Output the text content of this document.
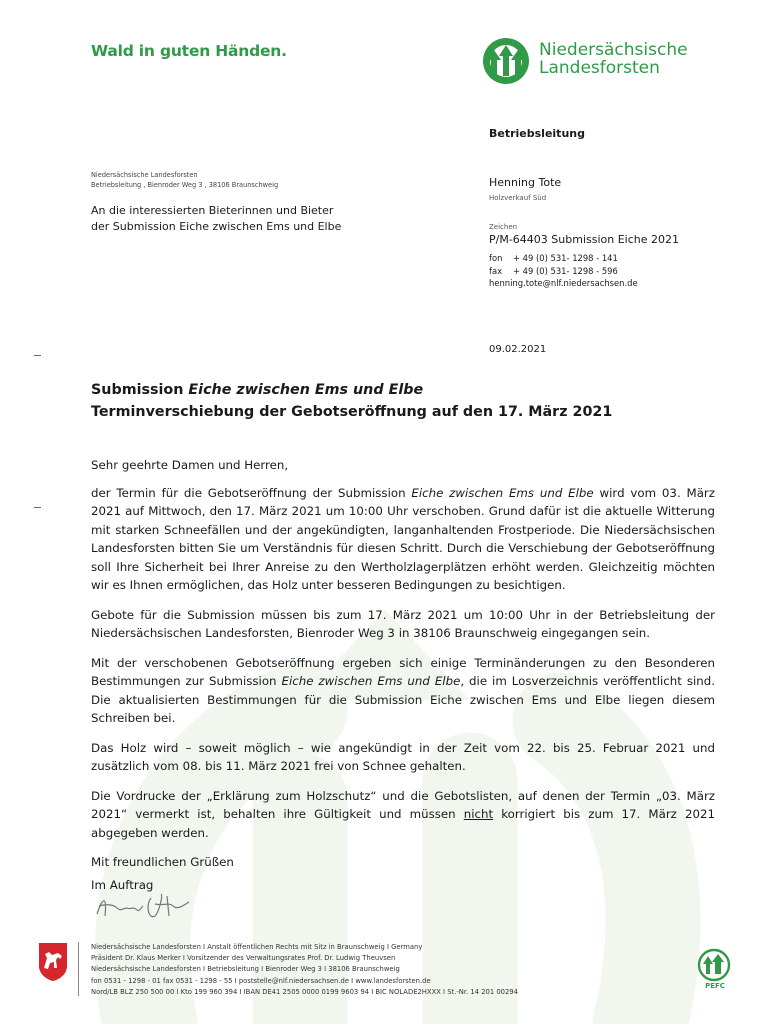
Wald in guten Händen.	Niedersächsische
Landesforsten
Betriebsleitung
Niedersächsische Landesforsten
Betriebsleitung , Bienroder Weg 3 , 38106 Braunschweig
An die interessierten Bieterinnen und Bieter
der Submission Eiche zwischen Ems und Elbe
Henning Tote
Holzverkauf Süd
Zeichen
P/M-64403 Submission Eiche 2021
fon + 49 (0) 531- 1298 - 141
fax + 49 (0) 531- 1298 - 596
henning.tote@nlf.niedersachsen.de
09.02.2021
Submission Eiche zwischen Ems und Elbe
Terminverschiebung der Gebotseröffnung auf den 17. März 2021

Sehr geehrte Damen und Herren,

der Termin für die Gebotseröffnung der Submission Eiche zwischen Ems und Elbe wird vom 03. März 2021 auf Mittwoch, den 17. März 2021 um 10:00 Uhr verschoben. Grund dafür ist die aktuelle Witterung mit starken Schneefällen und der angekündigten, langanhaltenden Frostperiode. Die Niedersächsischen Landesforsten bitten Sie um Verständnis für diesen Schritt. Durch die Verschiebung der Gebotseröffnung soll Ihre Sicherheit bei Ihrer Anreise zu den Wertholzlagerplätzen erhöht werden. Gleichzeitig möchten wir es Ihnen ermöglichen, das Holz unter besseren Bedingungen zu besichtigen.

Gebote für die Submission müssen bis zum 17. März 2021 um 10:00 Uhr in der Betriebsleitung der Niedersächsischen Landesforsten, Bienroder Weg 3 in 38106 Braunschweig eingegangen sein.

Mit der verschobenen Gebotseröffnung ergeben sich einige Terminänderungen zu den Besonderen Bestimmungen zur Submission Eiche zwischen Ems und Elbe, die im Losverzeichnis veröffentlicht sind. Die aktualisierten Bestimmungen für die Submission Eiche zwischen Ems und Elbe liegen diesem Schreiben bei.

Das Holz wird – soweit möglich – wie angekündigt in der Zeit vom 22. bis 25. Februar 2021 und zusätzlich vom 08. bis 11. März 2021 frei von Schnee gehalten.

Die Vordrucke der „Erklärung zum Holzschutz“ und die Gebotslisten, auf denen der Termin „03. März 2021“ vermerkt ist, behalten ihre Gültigkeit und müssen nicht korrigiert bis zum 17. März 2021 abgegeben werden.

Mit freundlichen Grüßen

Im Auftrag

Niedersächsische Landesforsten I Anstalt öffentlichen Rechts mit Sitz in Braunschweig I Germany
Präsident Dr. Klaus Merker I Vorsitzender des Verwaltungsrates Prof. Dr. Ludwig Theuvsen
Niedersächsische Landesforsten I Betriebsleitung I Bienroder Weg 3 I 38106 Braunschweig
fon 0531 - 1298 - 01 fax 0531 - 1298 - 55 I poststelle@nlf.niedersachsen.de I www.landesforsten.de
Nord/LB BLZ 250 500 00 I Kto 199 960 394 I IBAN DE41 2505 0000 0199 9603 94 I BIC NOLADE2HXXX I St.-Nr. 14 201 00294
PEFC
